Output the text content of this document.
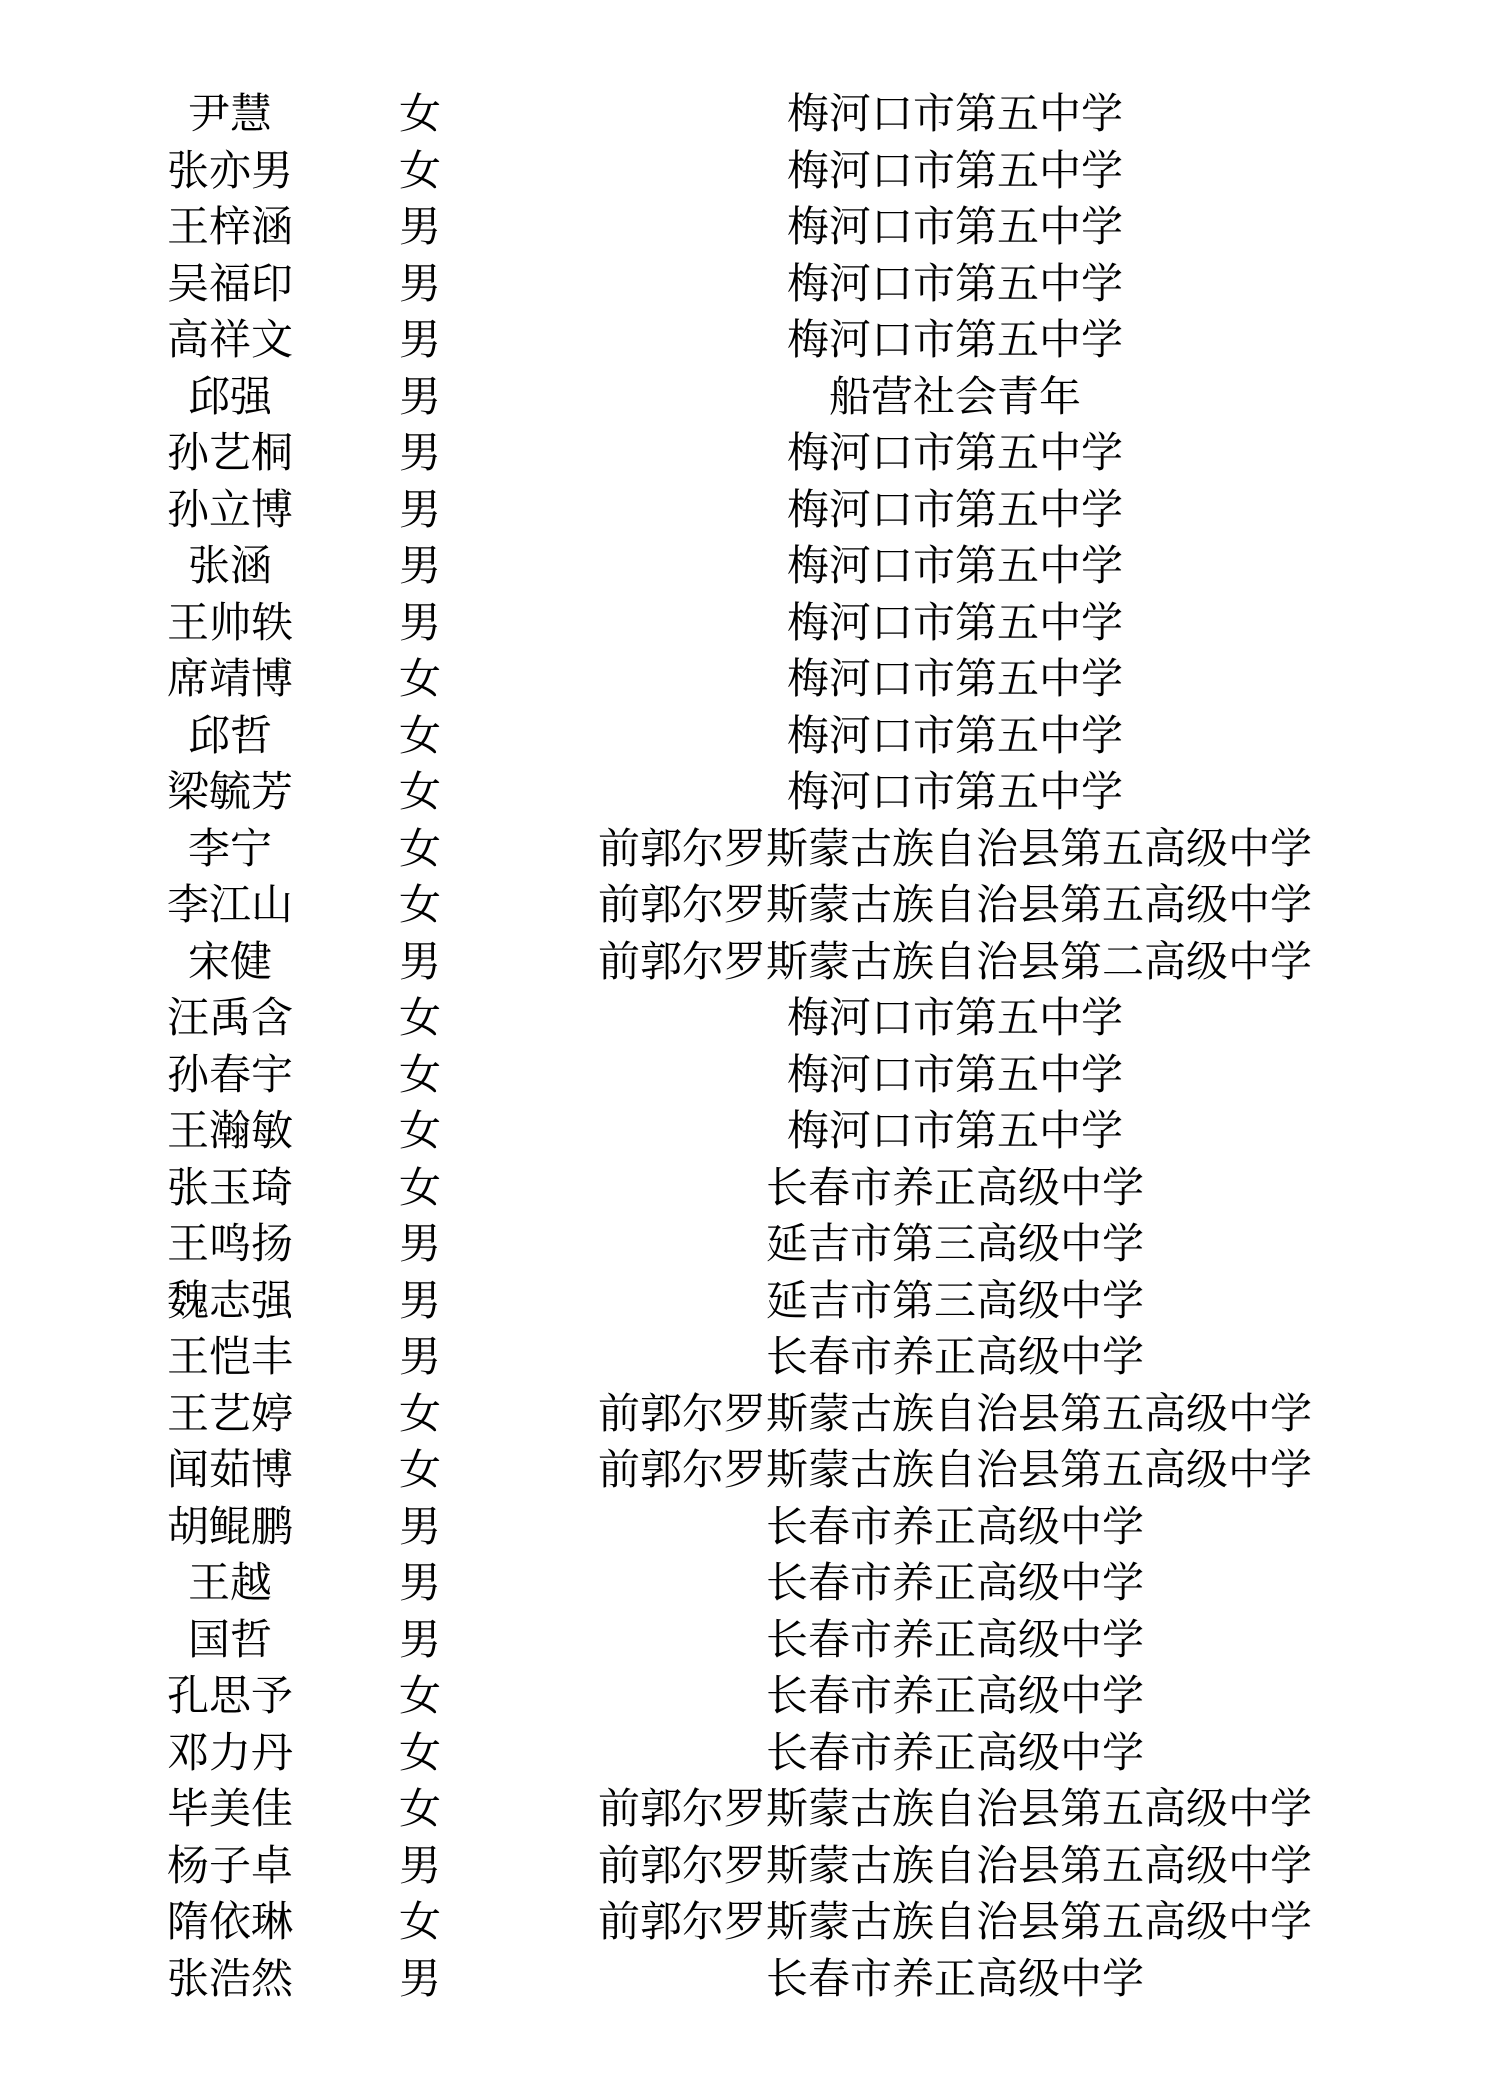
尹慧	女	梅河口市第五中学
张亦男	女	梅河口市第五中学
王梓涵	男	梅河口市第五中学
吴福印	男	梅河口市第五中学
高祥文	男	梅河口市第五中学
邱强	男	船营社会青年
孙艺桐	男	梅河口市第五中学
孙立博	男	梅河口市第五中学
张涵	男	梅河口市第五中学
王帅轶	男	梅河口市第五中学
席靖博	女	梅河口市第五中学
邱哲	女	梅河口市第五中学
梁毓芳	女	梅河口市第五中学
李宁	女	前郭尔罗斯蒙古族自治县第五高级中学
李江山	女	前郭尔罗斯蒙古族自治县第五高级中学
宋健	男	前郭尔罗斯蒙古族自治县第二高级中学
汪禹含	女	梅河口市第五中学
孙春宇	女	梅河口市第五中学
王瀚敏	女	梅河口市第五中学
张玉琦	女	长春市养正高级中学
王鸣扬	男	延吉市第三高级中学
魏志强	男	延吉市第三高级中学
王恺丰	男	长春市养正高级中学
王艺婷	女	前郭尔罗斯蒙古族自治县第五高级中学
闻茹博	女	前郭尔罗斯蒙古族自治县第五高级中学
胡鲲鹏	男	长春市养正高级中学
王越	男	长春市养正高级中学
国哲	男	长春市养正高级中学
孔思予	女	长春市养正高级中学
邓力丹	女	长春市养正高级中学
毕美佳	女	前郭尔罗斯蒙古族自治县第五高级中学
杨子卓	男	前郭尔罗斯蒙古族自治县第五高级中学
隋依琳	女	前郭尔罗斯蒙古族自治县第五高级中学
张浩然	男	长春市养正高级中学
